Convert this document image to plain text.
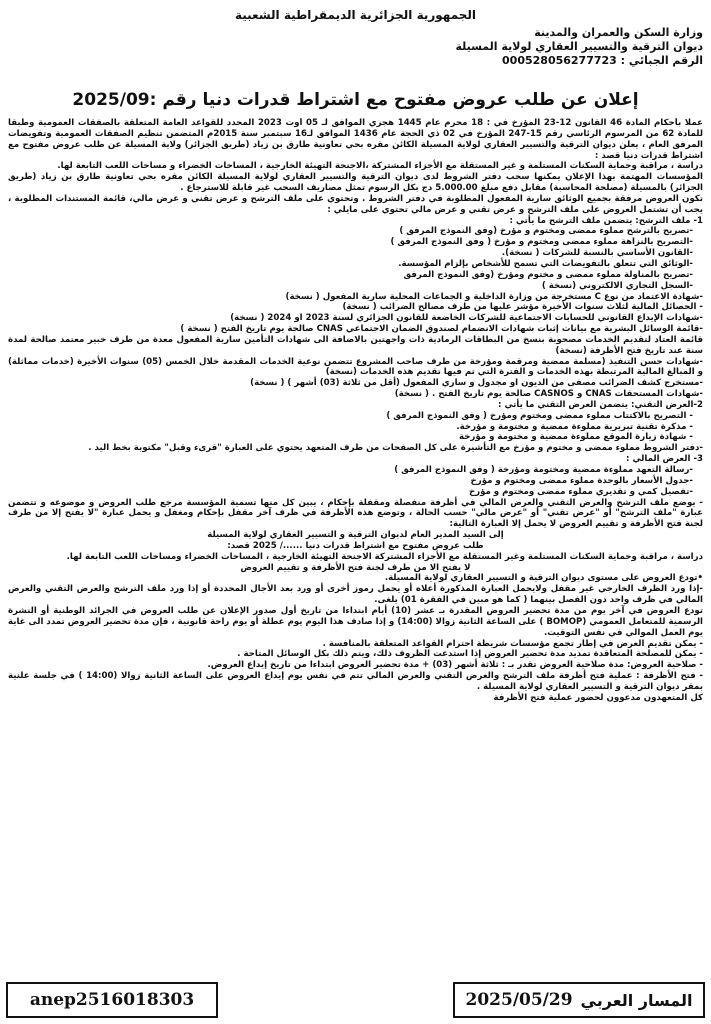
الجمهورية الجزائرية الديمقراطية الشعبية
وزارة السكن والعمران والمدينة
ديوان الترقية والتسيير العقاري لولاية المسيلة
الرقم الجبائي : 000528056277723
إعلان عن طلب عروض مفتوح مع اشتراط قدرات دنيا رقم :2025/09

عملا بأحكام المادة 46 القانون 12-23 المؤرخ في : 18 محرم عام 1445 هجري الموافق لـ 05 أوت 2023 المحدد للقواعد العامة المتعلقة بالصفقات العمومية وطبقا للمادة 62 من المرسوم الرئاسي رقم 15-247 المؤرخ في 02 ذي الحجة عام 1436 الموافق لـ16 سبتمبر سنة 2015م المتضمن تنظيم الصفقات العمومية وتفويضات المرفق العام ، يعلن ديوان الترقية والتسيير العقاري لولاية المسيلة الكائن مقره بحي تعاونية طارق بن زياد (طريق الجزائر) ولاية المسيلة عن طلب عروض مفتوح مع اشتراط قدرات دنيا قصد :

دراسة ، مراقبة وحماية السكنات المستلمة و غير المستقلة مع الأجزاء المشتركة ،الاجنحة التهيئة الخارجية ، المساحات الخضراء و مساحات اللعب التابعة لها.

المؤسسات المهتمة بهذا الإعلان يمكنها سحب دفتر الشروط لدى ديوان الترقية والتسيير العقاري لولاية المسيلة الكائن مقره بحي تعاونية طارق بن زياد (طريق الجزائر) بالمسيلة (مصلحة المحاسبة) مقابل دفع مبلغ 5.000.00 دج بكل الرسوم تمثل مصاريف السحب غير قابلة للاسترجاع .

تكون العروض مرفقة بجميع الوثائق سارية المفعول المطلوبة في دفتر الشروط . وتحتوي على ملف الترشح و عرض تقني و عرض مالي، قائمة المستندات المطلوبة ، يجب أن تشتمل العروض على ملف الترشح و عرض تقني و عرض مالي تحتوي على مايلي :

1- ملف الترشح: يتضمن ملف الترشح ما يأتي :

-تصريح بالترشح مملوء ممضى ومختوم و مؤرخ (وفق النموذج المرفق )

-التصريح بالنزاهة مملوء ممضى ومختوم و مؤرخ ( وفق النموذج المرفق )

-القانون الأساسي بالنسبة للشركات ( نسخة).

-الوثائق التي تتعلق بالتفويضات التي تسمح للأشخاص بإلزام المؤسسة.

-تصريح بالمناولة مملوء ممضى و مختوم ومؤرخ (وفق النموذج المرفق

-السجل التجاري الالكتروني (نسخة )

-شهادة الاعتماد من نوع C مستخرجة من وزارة الداخلية و الجماعات المحلية سارية المفعول ( نسخة)

- الحصائل المالية لثلاث سنوات الأخيرة مؤشر عليها من طرف مصالح الضرائب ( نسخة)

-شهادات الإيداع القانوني للحسابات الاجتماعية للشركات الخاضعة للقانون الجزائري لسنة 2023 او 2024 ( نسخة)

-قائمة الوسائل البشرية مع بيانات إثبات شهادات الانضمام لصندوق الضمان الاجتماعي CNAS صالحة يوم تاريخ الفتح ( نسخة )

قائمة العتاد لتقديم الخدمات مصحوبة بنسخ من البطاقات الرمادية ذات واجهتين بالاضافة الى شهادات التأمين سارية المفعول معدة من طرف خبير معتمد صالحة لمدة سنة عند تاريخ فتح الأظرفة (نسخة)

-شهادات حسن التنفيذ (مسلمة ممضية ومرقمة ومؤرخة من طرف صاحب المشروع تتضمن نوعية الخدمات المقدمة خلال الخمس (05) سنوات الأخيرة (خدمات مماثلة) و المبالغ المالية المرتبطة بهذه الخدمات و الفترة التي تم فيها تقديم هذه الخدمات (نسخة)

-مستخرج كشف الضرائب مصفى من الديون او مجدول و ساري المفعول (أقل من ثلاثة (03) أشهر ) ( نسخة)

-شهادات المستحقات CNAS و CASNOS صالحة يوم تاريخ الفتح . ( نسخة)

2-العرض التقني: يتضمن العرض التقني ما يأتي :

- التصريح بالاكتتاب مملوء ممضى ومختوم ومؤرخ ( وفق النموذج المرفق )

- مذكرة تقنية تبريرية مملوءة ممضية و مختومة و مؤرخة.

- شهادة زيارة الموقع مملوءة ممضية و مختومة و مؤرخة

-دفتر الشروط مملوء ممضى و مختوم و مؤرخ مع التأشيرة على كل الصفحات من طرف المتعهد يحتوي على العبارة "قرىء وقبل" مكتوبة بخط اليد .

3- العرض المالي :

-رسالة التعهد مملوءة ممضية ومختومة ومؤرخة ( وفق النموذج المرفق )

-جدول الأسعار بالوحدة مملوء ممضى ومختوم و مؤرخ

-تفصيل كمي و تقديري مملوء ممضى ومختوم و مؤرخ

- يوضع ملف الترشح والعرض التقني والعرض المالي في أظرفة منفصلة ومقفلة بإحكام ، يبين كل منها تسمية المؤسسة مرجع طلب العروض و موضوعه و تتضمن عبارة "ملف الترشح" أو "عرض تقني" أو "عرض مالي" حسب الحالة ، وتوضع هذه الأظرفة في ظرف آخر مقفل بإحكام ومغفل و يحمل عبارة "لا يفتح إلا من طرف لجنة فتح الأظرفة و تقييم العروض لا يحمل إلا العبارة التالية:

إلى السيد المدير العام لديوان الترقية و التسيير العقاري لولاية المسيلة

طلب عروض مفتوح مع اشتراط قدرات دنيا ....../ 2025 قصد:

دراسة ، مراقبة وحماية السكنات المستلمة وغير المستقلة مع الأجزاء المشتركة الاجنحة التهيئة الخارجية ، المساحات الخضراء ومساحات اللعب التابعة لها.

لا يفتح الا من طرف لجنة فتح الأظرفة و تقييم العروض

•تودع العروض على مستوى ديوان الترقية و التسيير العقاري لولاية المسيلة.

-إذا ورد الظرف الخارجي غير مقفل ولايحمل العبارة المذكورة أعلاه أو يحمل رموز أخرى أو ورد بعد الأجال المحددة أو إذا ورد ملف الترشح والعرض التقني والعرض المالي في ظرف واحد دون الفصل بينهما ( كما هو مبين في الفقرة 01) يلغى.

تودع العروض في آخر يوم من مدة تحضير العروض المقدرة بـ عشر (10) أيام ابتداءا من تاريخ أول صدور الإعلان عن طلب العروض في الجرائد الوطنية أو النشرة الرسمية للمتعامل العمومي (BOMOP ) على الساعة الثانية زوالا (14:00) و إذا صادف هذا اليوم يوم عطلة أو يوم راحة قانونية ، فإن مدة تحضير العروض تمدد الى غاية يوم العمل الموالي في نفس التوقيت.

- يمكن تقديم العرض في إطار تجمع مؤسسات شريطة احترام القواعد المتعلقة بالمنافسة .

- يمكن للمصلحة المتعاقدة تمديد مدة تحضير العروض إذا استدعت الظروف ذلك، ويتم ذلك بكل الوسائل المتاحة .

- صلاحية العروض: مدة صلاحية العروض تقدر بـ : ثلاثة أشهر (03) + مدة تحضير العروض ابتداءا من تاريخ إيداع العروض.

- فتح الأظرفة : عملية فتح أظرفة ملف الترشح والعرض التقني والعرض المالي تتم في نفس يوم إيداع العروض على الساعة الثانية زوالا (14:00 ) في جلسة علنية بمقر ديوان الترقية و التسيير العقاري لولاية المسيلة .

كل المتعهدون مدعوون لحضور عملية فتح الأظرفة

anep2516018303	المسار العربي
2025/05/29
